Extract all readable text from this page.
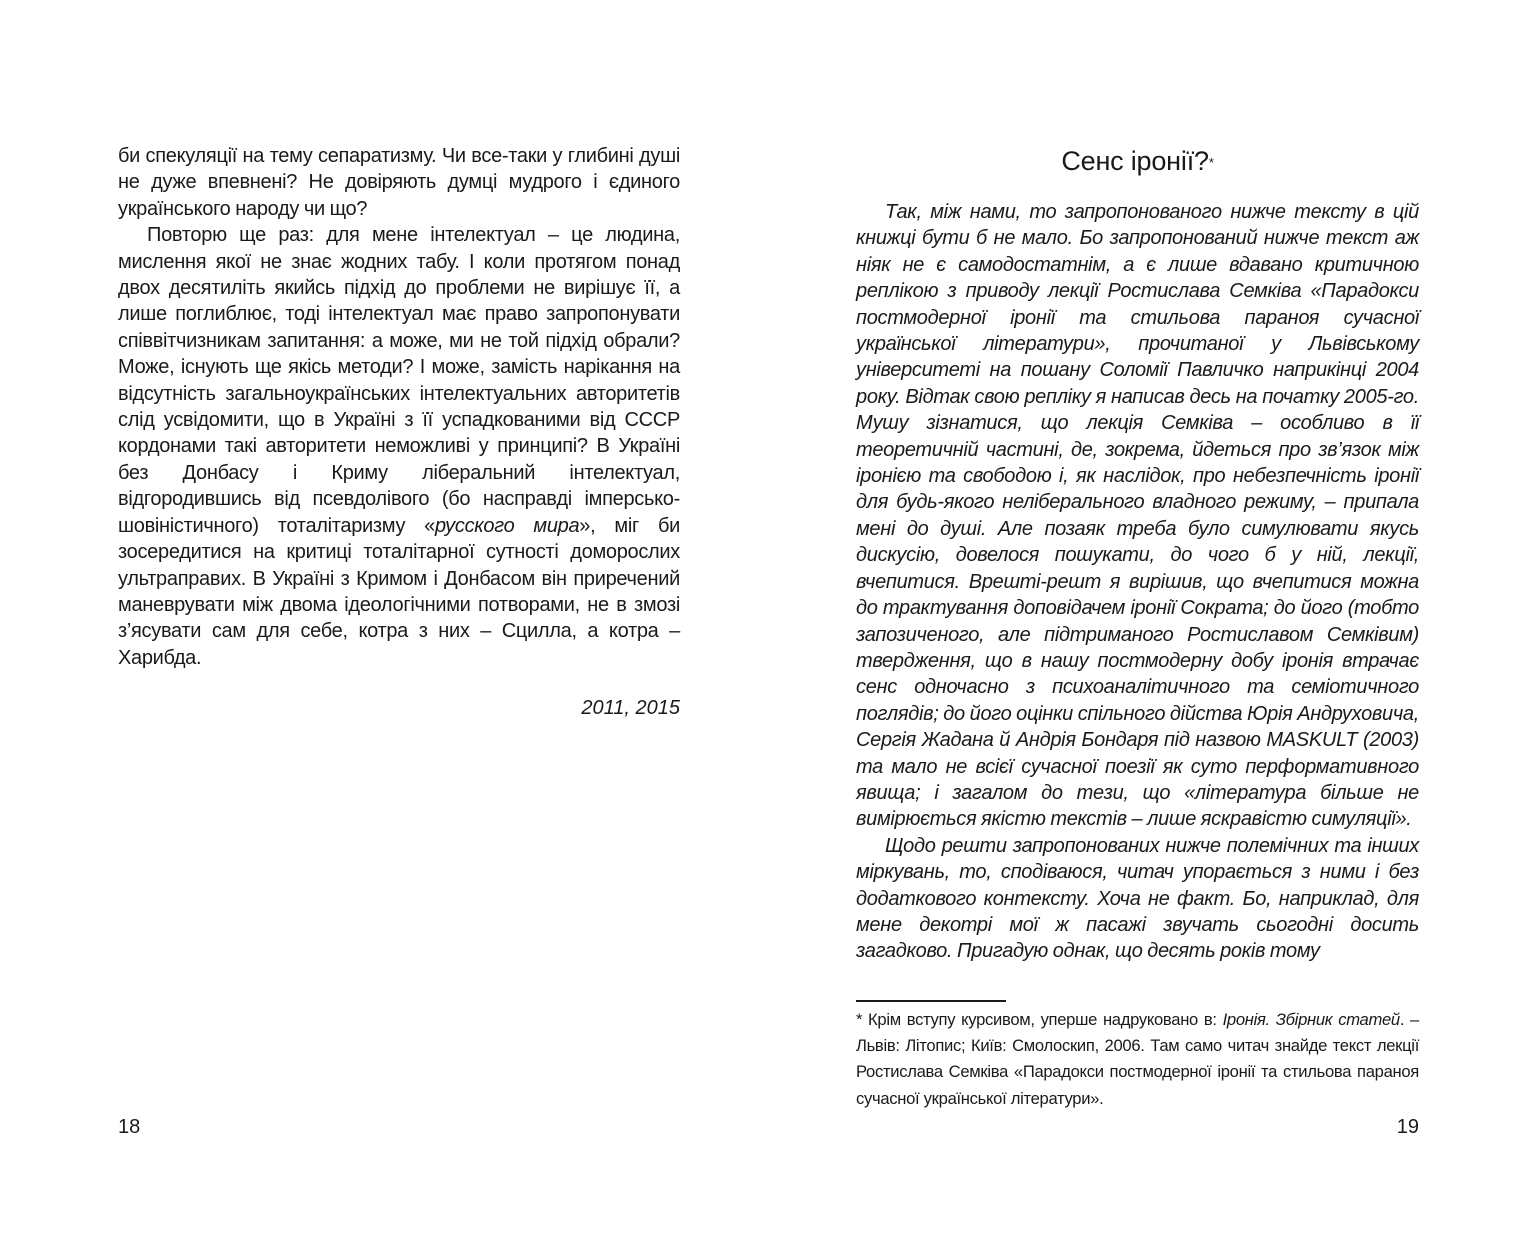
би спекуляції на тему сепаратизму. Чи все-таки у глибині душі не дуже впевнені? Не довіряють думці мудрого і єдиного українського народу чи що?

Повторю ще раз: для мене інтелектуал – це людина, мислення якої не знає жодних табу. І коли протягом понад двох десятиліть якийсь підхід до проблеми не вирішує її, а лише поглиблює, тоді інтелектуал має право запропонувати співвітчизникам запитання: а може, ми не той підхід обрали? Може, існують ще якісь методи? І може, замість нарікання на відсутність загальноукраїнських інтелектуальних авторитетів слід усвідомити, що в Україні з її успадкованими від СССР кордонами такі авторитети неможливі у принципі? В Україні без Донбасу і Криму ліберальний інтелектуал, відгородившись від псевдолівого (бо насправді імперсько-шовіністичного) тоталітаризму «русского мира», міг би зосередитися на критиці тоталітарної сутності доморослих ультраправих. В Україні з Кримом і Донбасом він приречений маневрувати між двома ідеологічними потворами, не в змозі з’ясувати сам для себе, котра з них – Сцилла, а котра – Харибда.

2011, 2015
18
Сенс іронії?*

Так, між нами, то запропонованого нижче тексту в цій книжці бути б не мало. Бо запропонований нижче текст аж ніяк не є самодостатнім, а є лише вдавано критичною реплікою з приводу лекції Ростислава Семківа «Парадокси постмодерної іронії та стильова параноя сучасної української літератури», прочитаної у Львівському університеті на пошану Соломії Павличко наприкінці 2004 року. Відтак свою репліку я написав десь на початку 2005-го. Мушу зізнатися, що лекція Семківа – особливо в її теоретичній частині, де, зокрема, йдеться про зв’язок між іронією та свободою і, як наслідок, про небезпечність іронії для будь-якого неліберального владного режиму, – припала мені до душі. Але позаяк треба було симулювати якусь дискусію, довелося пошукати, до чого б у ній, лекції, вчепитися. Врешті-решт я вирішив, що вчепитися можна до трактування доповідачем іронії Сократа; до його (тобто запозиченого, але підтриманого Ростиславом Семківим) твердження, що в нашу постмодерну добу іронія втрачає сенс одночасно з психоаналітичного та семіотичного поглядів; до його оцінки спільного дійства Юрія Андруховича, Сергія Жадана й Андрія Бондаря під назвою MASKULT (2003) та мало не всієї сучасної поезії як суто перформативного явища; і загалом до тези, що «література більше не вимірюється якістю текстів – лише яскравістю симуляції».

Щодо решти запропонованих нижче полемічних та інших міркувань, то, сподіваюся, читач упорається з ними і без додаткового контексту. Хоча не факт. Бо, наприклад, для мене декотрі мої ж пасажі звучать сьогодні досить загадково. Пригадую однак, що десять років тому

* Крім вступу курсивом, уперше надруковано в: Іронія. Збірник статей. – Львів: Літопис; Київ: Смолоскип, 2006. Там само читач знайде текст лекції Ростислава Семківа «Парадокси постмодерної іронії та стильова параноя сучасної української літератури».

19
